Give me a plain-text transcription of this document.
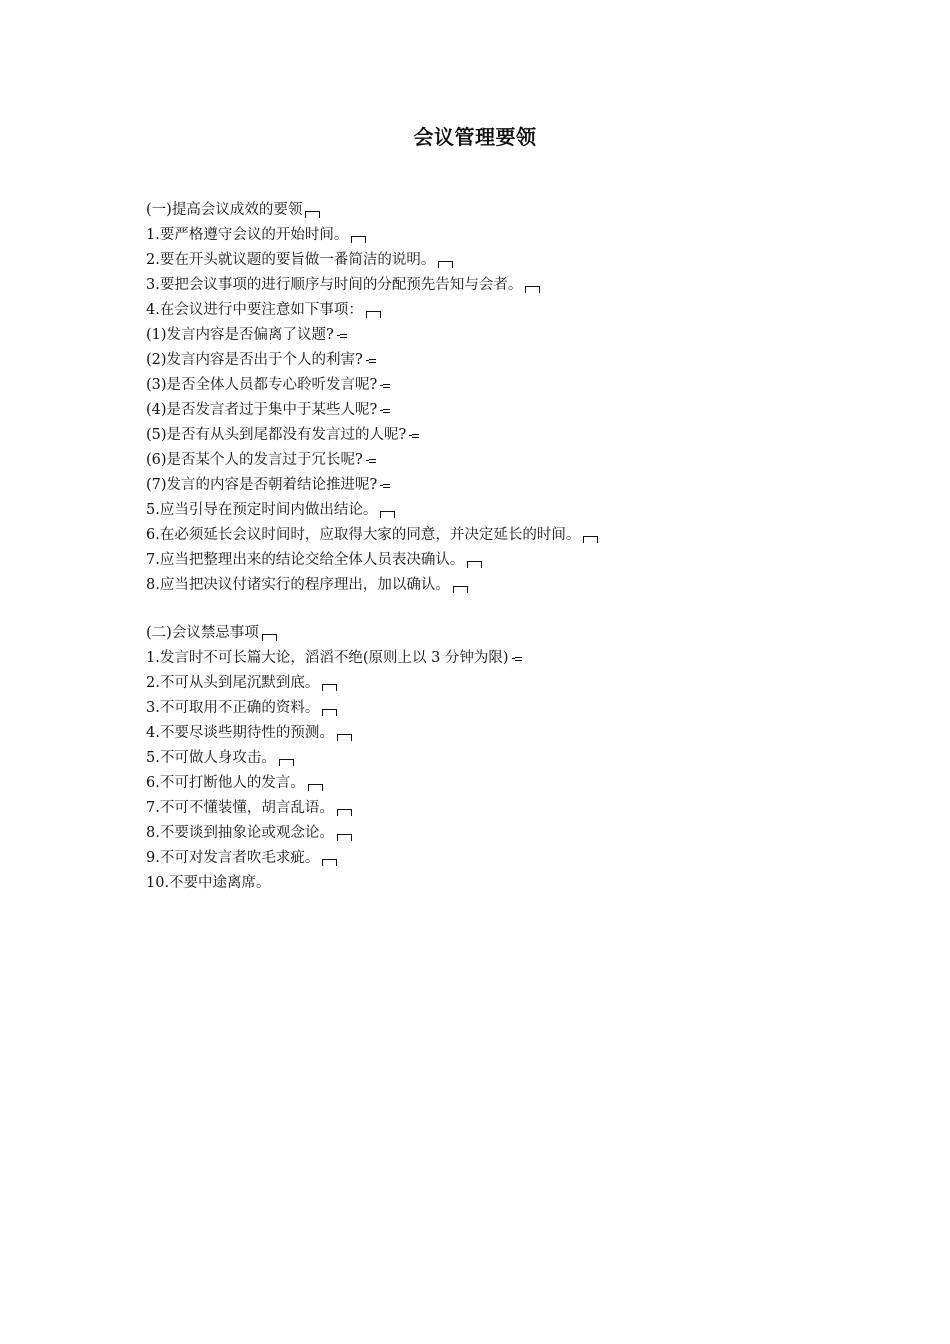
会议管理要领
(一)提高会议成效的要领
1.要严格遵守会议的开始时间。
2.要在开头就议题的要旨做一番简洁的说明。
3.要把会议事项的进行顺序与时间的分配预先告知与会者。
4.在会议进行中要注意如下事项：
(1)发言内容是否偏离了议题?
(2)发言内容是否出于个人的利害?
(3)是否全体人员都专心聆听发言呢?
(4)是否发言者过于集中于某些人呢?
(5)是否有从头到尾都没有发言过的人呢?
(6)是否某个人的发言过于冗长呢?
(7)发言的内容是否朝着结论推进呢?
5.应当引导在预定时间内做出结论。
6.在必须延长会议时间时，应取得大家的同意，并决定延长的时间。
7.应当把整理出来的结论交给全体人员表决确认。
8.应当把决议付诸实行的程序理出，加以确认。
(二)会议禁忌事项
1.发言时不可长篇大论，滔滔不绝(原则上以 3 分钟为限)
2.不可从头到尾沉默到底。
3.不可取用不正确的资料。
4.不要尽谈些期待性的预测。
5.不可做人身攻击。
6.不可打断他人的发言。
7.不可不懂装懂，胡言乱语。
8.不要谈到抽象论或观念论。
9.不可对发言者吹毛求疵。
10.不要中途离席。
